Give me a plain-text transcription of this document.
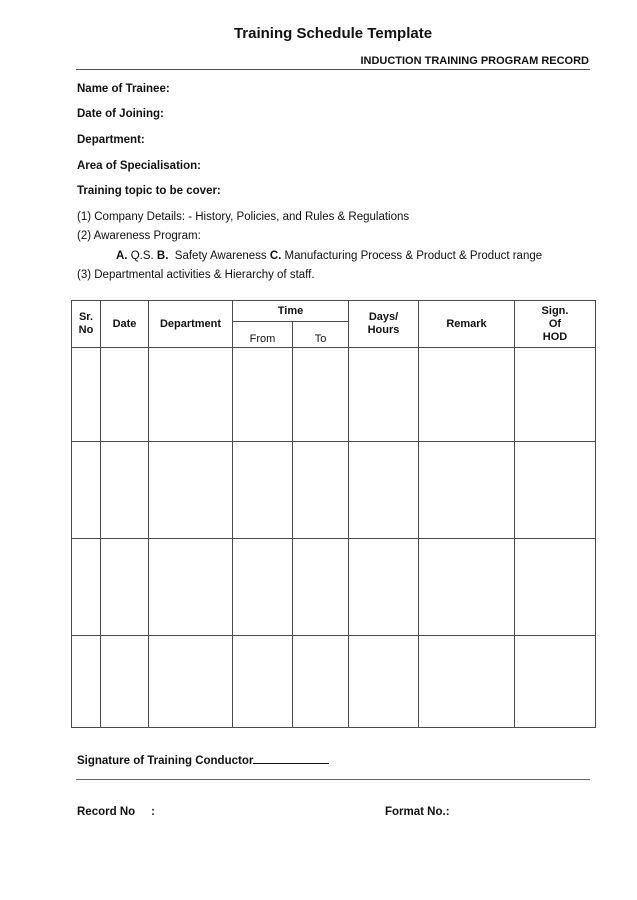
Training Schedule Template
INDUCTION TRAINING PROGRAM RECORD
Name of Trainee:
Date of Joining:
Department:
Area of Specialisation:
Training topic to be cover:
(1) Company Details: - History, Policies, and Rules & Regulations
(2) Awareness Program:
A. Q.S. B.  Safety Awareness C. Manufacturing Process & Product & Product range
(3) Departmental activities & Hierarchy of staff.
Sr. No	Date	Department	Time		Days/ Hours	Remark	Sign. Of HOD
			From	To			

Signature of Training Conductor
Record No :	Format No.:
